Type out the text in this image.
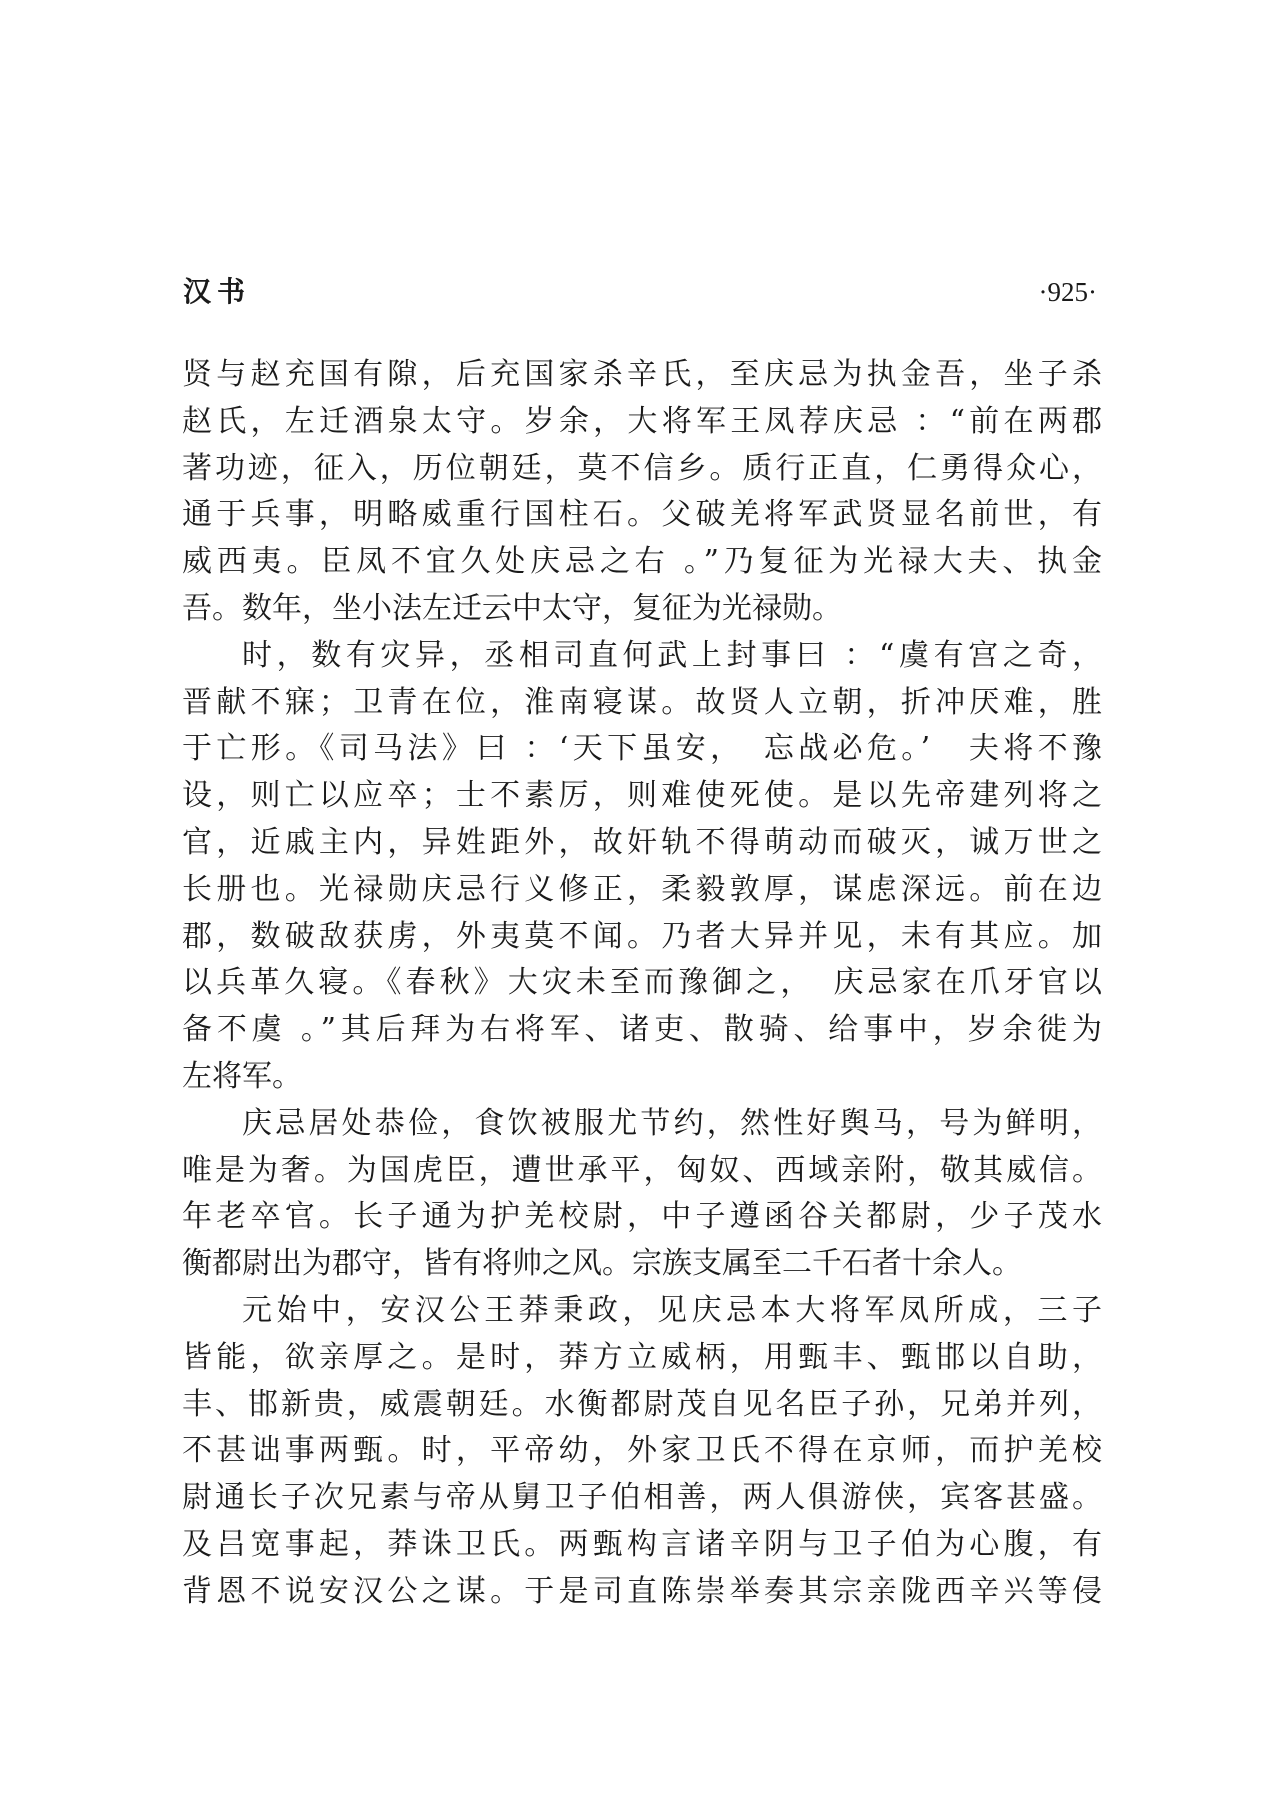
汉书	·925·
贤与赵充国有隙，后充国家杀辛氏，至庆忌为执金吾，坐子杀
赵氏，左迁酒泉太守。岁余，大将军王凤荐庆忌 ：“前在两郡
著功迹，征入，历位朝廷，莫不信乡。质行正直，仁勇得众心，
通于兵事，明略威重行国柱石。父破羌将军武贤显名前世，有
威西夷。臣凤不宜久处庆忌之右 。”乃复征为光禄大夫、执金
吾。数年，坐小法左迁云中太守，复征为光禄勋。
时，数有灾异，丞相司直何武上封事曰 ：“虞有宫之奇，
晋献不寐；卫青在位，淮南寝谋。故贤人立朝，折冲厌难，胜
于亡形。《司马法》曰 ：‘天下虽安，　忘战必危。’　夫将不豫
设，则亡以应卒；士不素厉，则难使死使。是以先帝建列将之
官，近戚主内，异姓距外，故奸轨不得萌动而破灭，诚万世之
长册也。光禄勋庆忌行义修正，柔毅敦厚，谋虑深远。前在边
郡，数破敌获虏，外夷莫不闻。乃者大异并见，未有其应。加
以兵革久寝。《春秋》大灾未至而豫御之，　庆忌家在爪牙官以
备不虞 。”其后拜为右将军、诸吏、散骑、给事中，岁余徙为
左将军。
庆忌居处恭俭，食饮被服尤节约，然性好舆马，号为鲜明，
唯是为奢。为国虎臣，遭世承平，匈奴、西域亲附，敬其威信。
年老卒官。长子通为护羌校尉，中子遵函谷关都尉，少子茂水
衡都尉出为郡守，皆有将帅之风。宗族支属至二千石者十余人。
元始中，安汉公王莽秉政，见庆忌本大将军凤所成，三子
皆能，欲亲厚之。是时，莽方立威柄，用甄丰、甄邯以自助，
丰、邯新贵，威震朝廷。水衡都尉茂自见名臣子孙，兄弟并列，
不甚诎事两甄。时，平帝幼，外家卫氏不得在京师，而护羌校
尉通长子次兄素与帝从舅卫子伯相善，两人俱游侠，宾客甚盛。
及吕宽事起，莽诛卫氏。两甄构言诸辛阴与卫子伯为心腹，有
背恩不说安汉公之谋。于是司直陈崇举奏其宗亲陇西辛兴等侵
